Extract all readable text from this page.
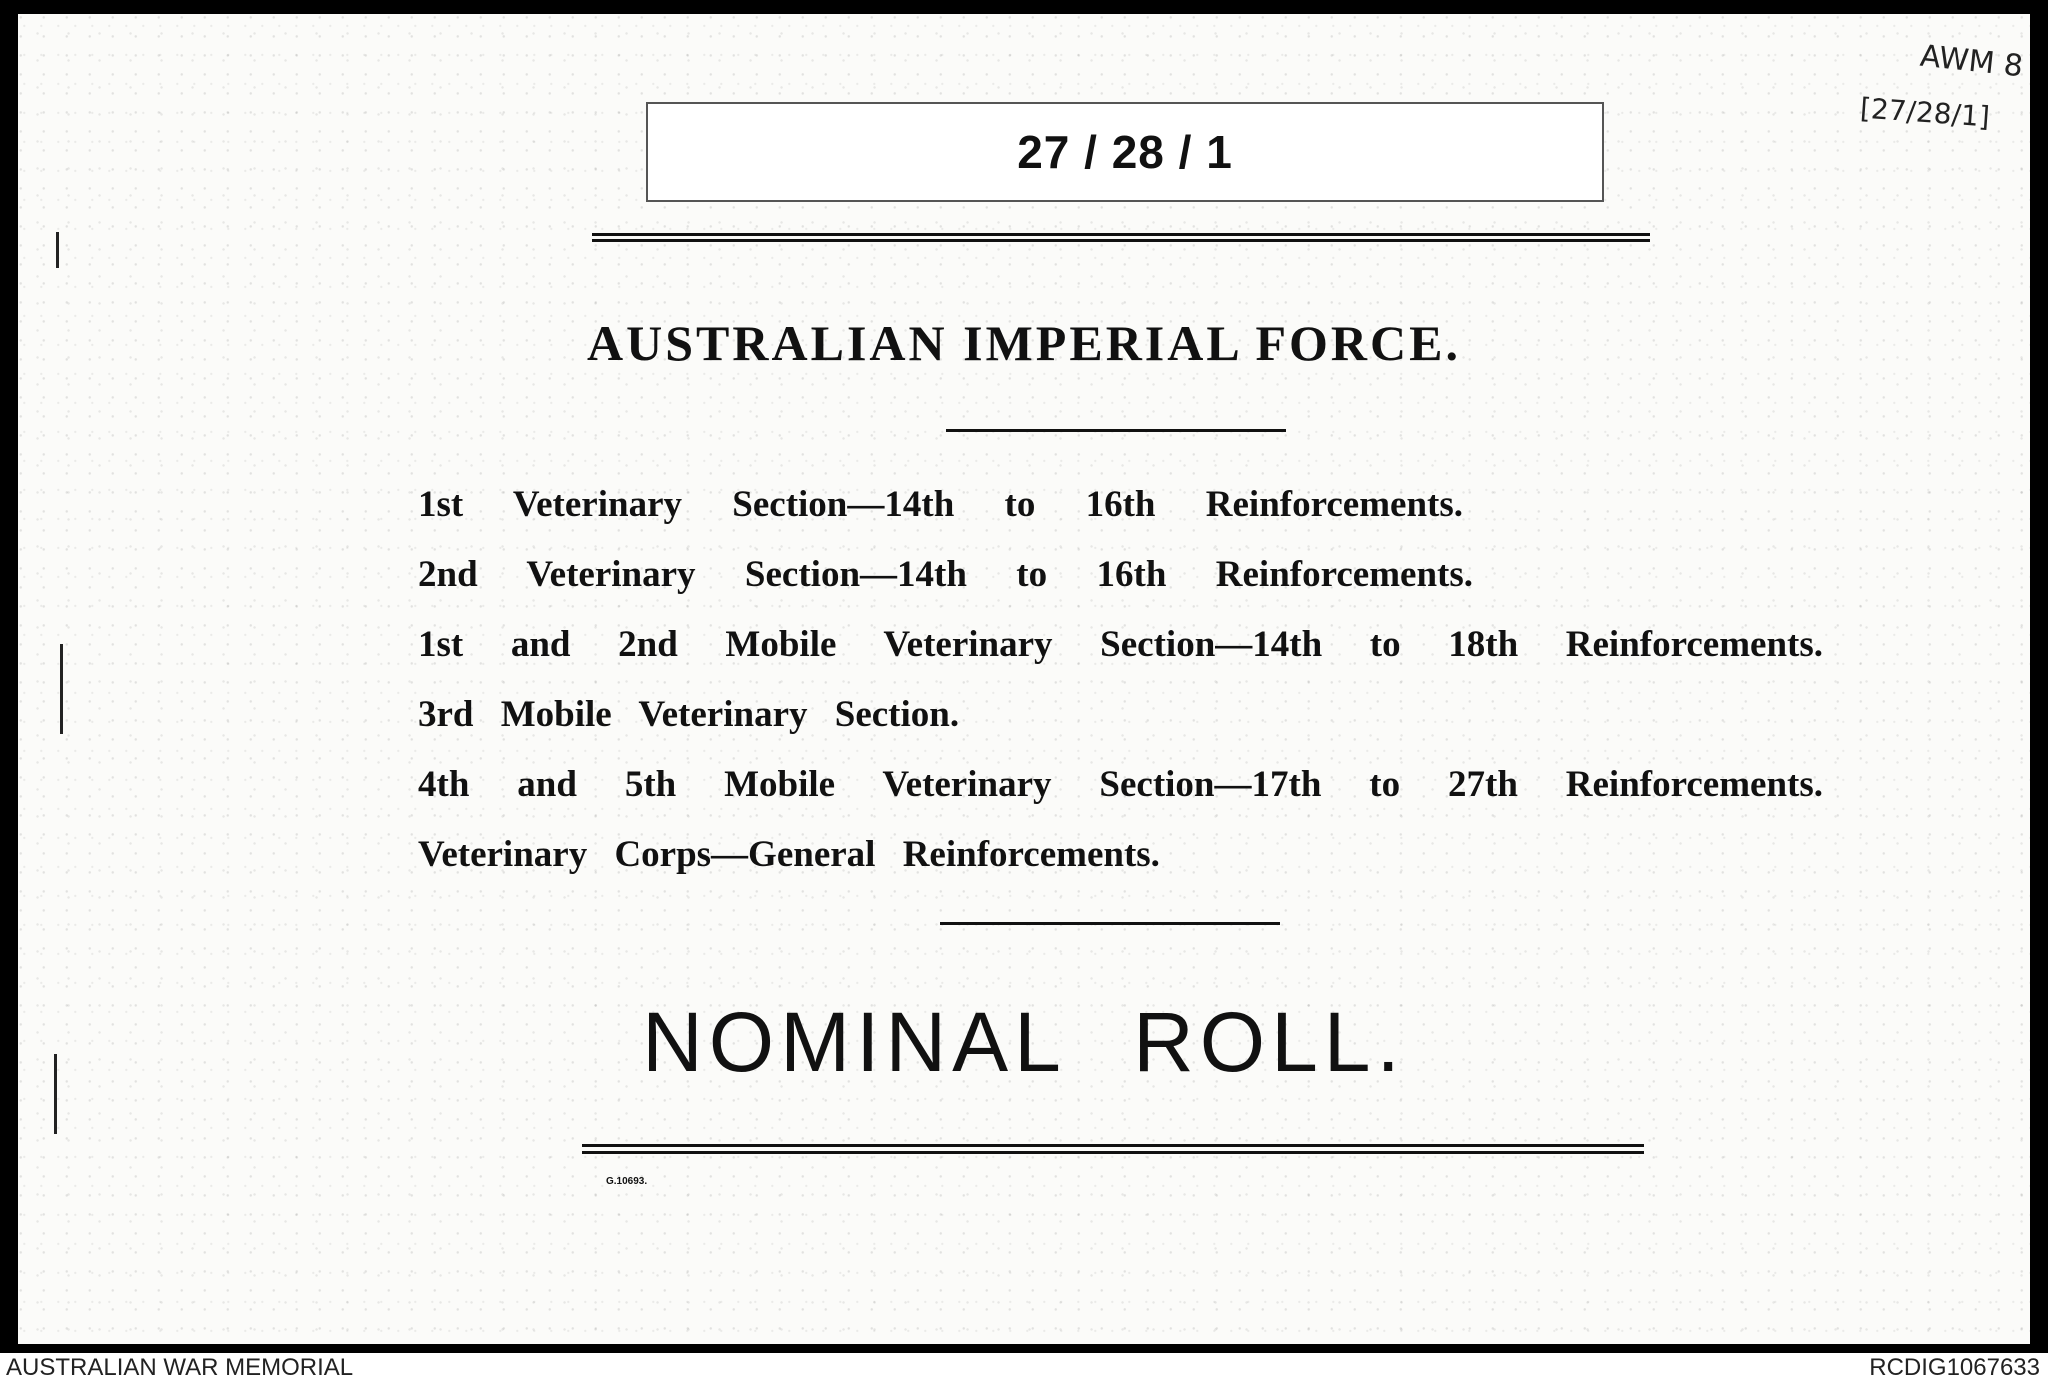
27 / 28 / 1
AUSTRALIAN IMPERIAL FORCE.
1st Veterinary Section—14th to 16th Reinforcements.
2nd Veterinary Section—14th to 16th Reinforcements.
1st and 2nd Mobile Veterinary Section—14th to 18th Reinforcements.
3rd Mobile Veterinary Section.
4th and 5th Mobile Veterinary Section—17th to 27th Reinforcements.
Veterinary Corps—General Reinforcements.
NOMINAL ROLL.
G.10693.
AWM 8
[27/28/1]
AUSTRALIAN WAR MEMORIAL	RCDIG1067633
